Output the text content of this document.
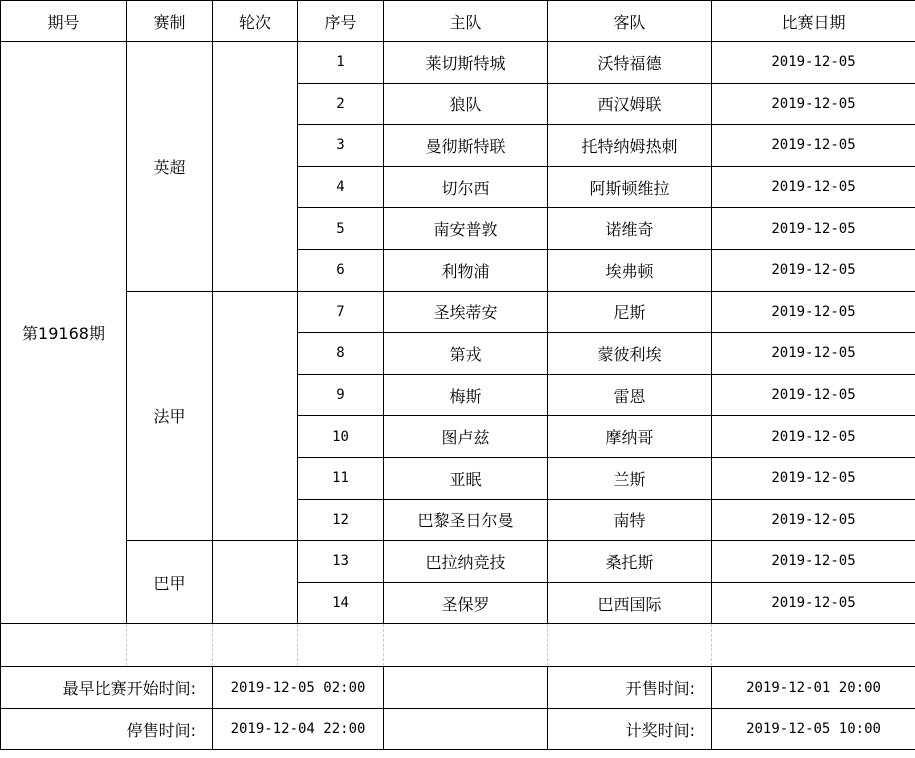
期号	赛制	轮次	序号	主队	客队	比赛日期
第19168期	英超		1	莱切斯特城	沃特福德	2019-12-05
			2	狼队	西汉姆联	2019-12-05
			3	曼彻斯特联	托特纳姆热刺	2019-12-05
			4	切尔西	阿斯顿维拉	2019-12-05
			5	南安普敦	诺维奇	2019-12-05
			6	利物浦	埃弗顿	2019-12-05
	法甲		7	圣埃蒂安	尼斯	2019-12-05
			8	第戎	蒙彼利埃	2019-12-05
			9	梅斯	雷恩	2019-12-05
			10	图卢兹	摩纳哥	2019-12-05
			11	亚眠	兰斯	2019-12-05
			12	巴黎圣日尔曼	南特	2019-12-05
	巴甲		13	巴拉纳竞技	桑托斯	2019-12-05
			14	圣保罗	巴西国际	2019-12-05

最早比赛开始时间:		2019-12-05 02:00			开售时间:	2019-12-01 20:00
停售时间:		2019-12-04 22:00			计奖时间:	2019-12-05 10:00
